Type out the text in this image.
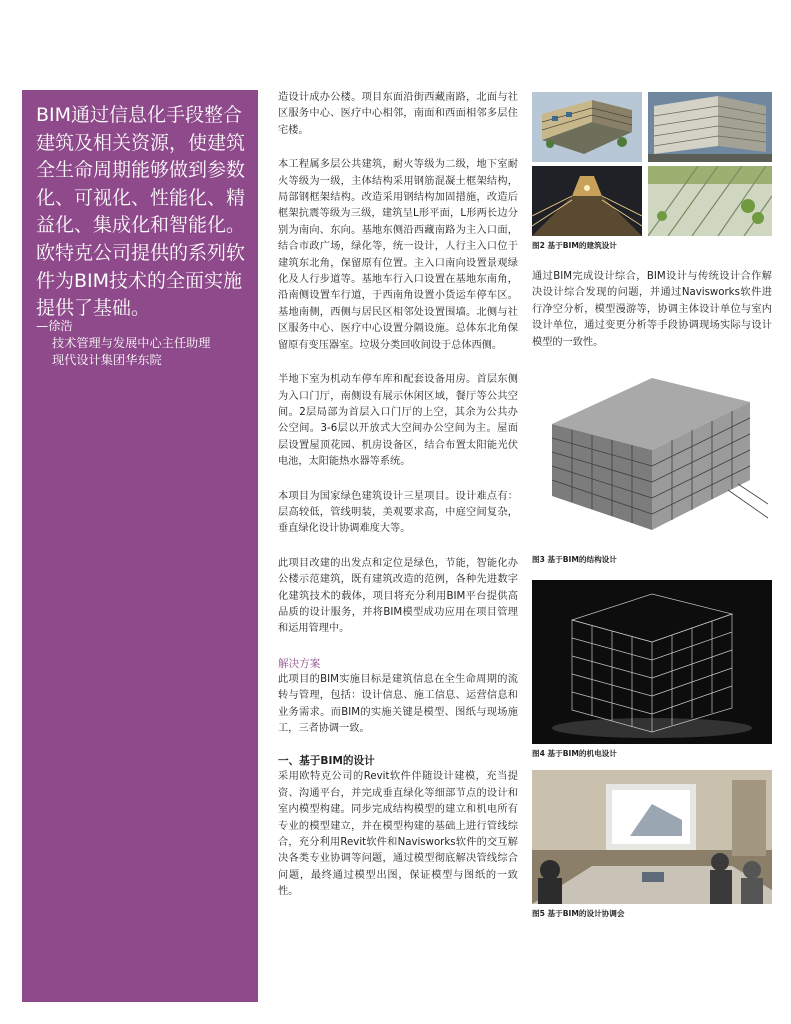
BIM通过信息化手段整合建筑及相关资源，使建筑全生命周期能够做到参数化、可视化、性能化、精益化、集成化和智能化。欧特克公司提供的系列软件为BIM技术的全面实施提供了基础。
—徐浩
技术管理与发展中心主任助理
现代设计集团华东院

造设计成办公楼。项目东面沿街西藏南路，北面与社区服务中心、医疗中心相邻，南面和西面相邻多层住宅楼。

本工程属多层公共建筑，耐火等级为二级，地下室耐火等级为一级，主体结构采用钢筋混凝土框架结构，局部钢框架结构。改造采用钢结构加固措施，改造后框架抗震等级为三级，建筑呈L形平面，L形两长边分别为南向、东向。基地东侧沿西藏南路为主入口面，结合市政广场，绿化等，统一设计，人行主入口位于建筑东北角，保留原有位置。主入口南向设置景观绿化及人行步道等。基地车行入口设置在基地东南角，沿南侧设置车行道，于西南角设置小货运车停车区。基地南侧，西侧与居民区相邻处设置围墙。北侧与社区服务中心、医疗中心设置分隔设施。总体东北角保留原有变压器室。垃圾分类回收间设于总体西侧。

半地下室为机动车停车库和配套设备用房。首层东侧为入口门厅，南侧设有展示休闲区域，餐厅等公共空间。2层局部为首层入口门厅的上空，其余为公共办公空间。3-6层以开放式大空间办公空间为主。屋面层设置屋顶花园、机房设备区，结合布置太阳能光伏电池，太阳能热水器等系统。

本项目为国家绿色建筑设计三星项目。设计难点有：层高较低，管线明装，美观要求高，中庭空间复杂，垂直绿化设计协调难度大等。

此项目改建的出发点和定位是绿色，节能，智能化办公楼示范建筑，既有建筑改造的范例，各种先进数字化建筑技术的载体，项目将充分利用BIM平台提供高品质的设计服务，并将BIM模型成功应用在项目管理和运用管理中。

解决方案

此项目的BIM实施目标是建筑信息在全生命周期的流转与管理，包括：设计信息、施工信息、运营信息和业务需求。而BIM的实施关键是模型、图纸与现场施工，三者协调一致。

一、基于BIM的设计

采用欧特克公司的Revit软件伴随设计建模，充当提资、沟通平台，并完成垂直绿化等细部节点的设计和室内模型构建。同步完成结构模型的建立和机电所有专业的模型建立，并在模型构建的基础上进行管线综合，充分利用Revit软件和Navisworks软件的交互解决各类专业协调等问题，通过模型彻底解决管线综合问题，最终通过模型出图，保证模型与图纸的一致性。

图2 基于BIM的建筑设计
通过BIM完成设计综合，BIM设计与传统设计合作解决设计综合发现的问题，并通过Navisworks软件进行净空分析，模型漫游等，协调主体设计单位与室内设计单位，通过变更分析等手段协调现场实际与设计模型的一致性。
图3 基于BIM的结构设计
图4 基于BIM的机电设计
图5 基于BIM的设计协调会
